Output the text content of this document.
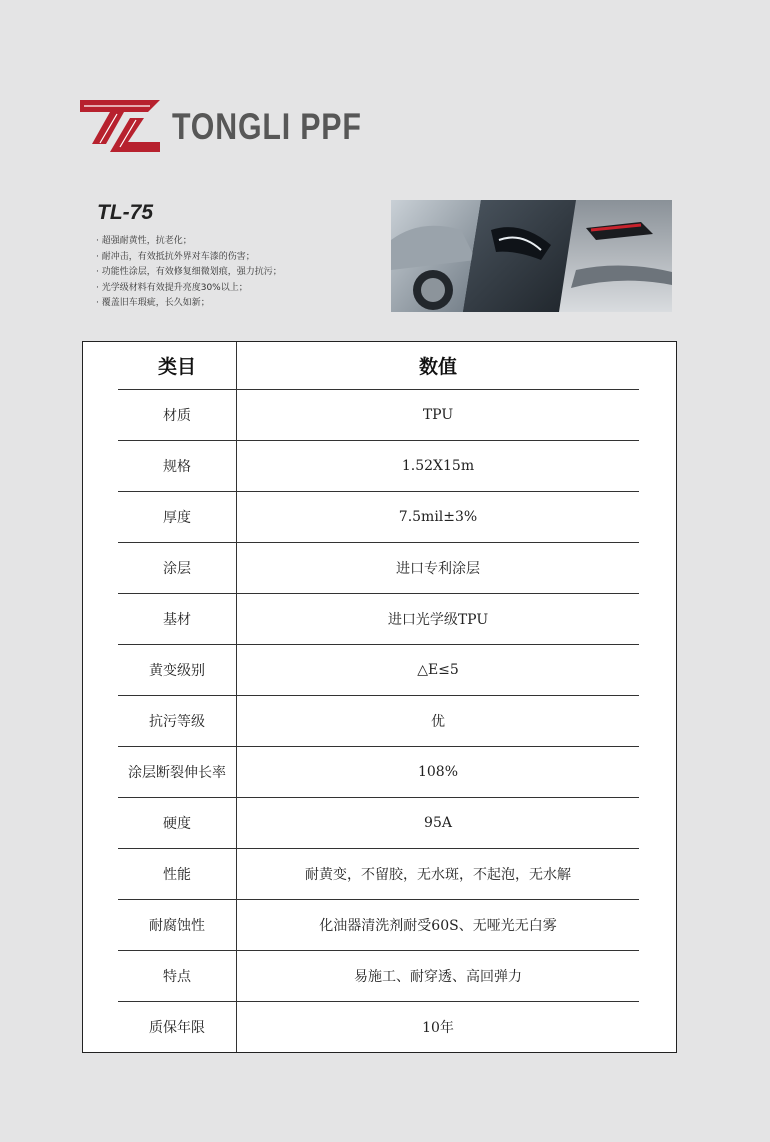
TONGLI PPF
TL-75
· 超强耐黄性，抗老化；
· 耐冲击，有效抵抗外界对车漆的伤害；
· 功能性涂层，有效修复细微划痕，强力抗污；
· 光学级材料有效提升亮度30%以上；
· 覆盖旧车瑕疵，长久如新；
类目	数值
材质	TPU
规格	1.52X15m
厚度	7.5mil±3%
涂层	进口专利涂层
基材	进口光学级TPU
黄变级别	△E≤5
抗污等级	优
涂层断裂伸长率	108%
硬度	95A
性能	耐黄变，不留胶，无水斑，不起泡，无水解
耐腐蚀性	化油器清洗剂耐受60S、无哑光无白雾
特点	易施工、耐穿透、高回弹力
质保年限	10年
